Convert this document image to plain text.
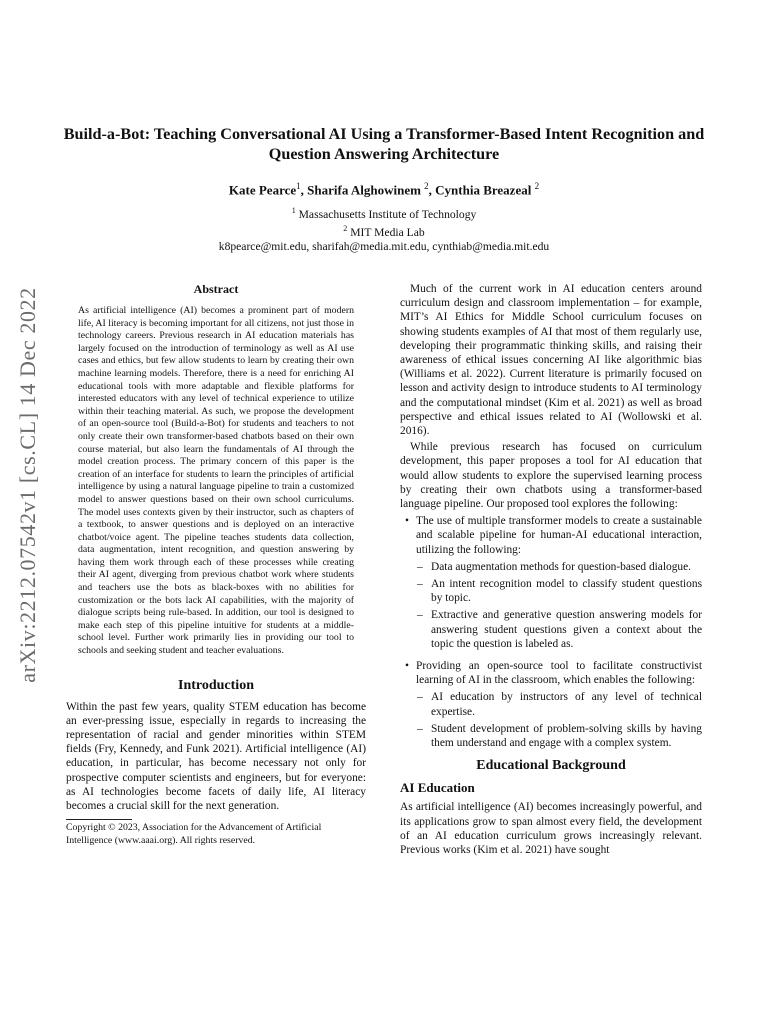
arXiv:2212.07542v1 [cs.CL] 14 Dec 2022
Build-a-Bot: Teaching Conversational AI Using a Transformer-Based Intent Recognition and Question Answering Architecture
Kate Pearce$^1$, Sharifa Alghowinem $^2$, Cynthia Breazeal $^2$
$^1$ Massachusetts Institute of Technology
$^2$ MIT Media Lab
k8pearce@mit.edu, sharifah@media.mit.edu, cynthiab@media.mit.edu
Abstract

As artificial intelligence (AI) becomes a prominent part of modern life, AI literacy is becoming important for all citizens, not just those in technology careers. Previous research in AI education materials has largely focused on the introduction of terminology as well as AI use cases and ethics, but few allow students to learn by creating their own machine learning models. Therefore, there is a need for enriching AI educational tools with more adaptable and flexible platforms for interested educators with any level of technical experience to utilize within their teaching material. As such, we propose the development of an open-source tool (Build-a-Bot) for students and teachers to not only create their own transformer-based chatbots based on their own course material, but also learn the fundamentals of AI through the model creation process. The primary concern of this paper is the creation of an interface for students to learn the principles of artificial intelligence by using a natural language pipeline to train a customized model to answer questions based on their own school curriculums. The model uses contexts given by their instructor, such as chapters of a textbook, to answer questions and is deployed on an interactive chatbot/voice agent. The pipeline teaches students data collection, data augmentation, intent recognition, and question answering by having them work through each of these processes while creating their AI agent, diverging from previous chatbot work where students and teachers use the bots as black-boxes with no abilities for customization or the bots lack AI capabilities, with the majority of dialogue scripts being rule-based. In addition, our tool is designed to make each step of this pipeline intuitive for students at a middle-school level. Further work primarily lies in providing our tool to schools and seeking student and teacher evaluations.

Introduction

Within the past few years, quality STEM education has become an ever-pressing issue, especially in regards to increasing the representation of racial and gender minorities within STEM fields (Fry, Kennedy, and Funk 2021). Artificial intelligence (AI) education, in particular, has become necessary not only for prospective computer scientists and engineers, but for everyone: as AI technologies become facets of daily life, AI literacy becomes a crucial skill for the next generation.

Copyright © 2023, Association for the Advancement of Artificial Intelligence (www.aaai.org). All rights reserved.

Much of the current work in AI education centers around curriculum design and classroom implementation – for example, MIT’s AI Ethics for Middle School curriculum focuses on showing students examples of AI that most of them regularly use, developing their programmatic thinking skills, and raising their awareness of ethical issues concerning AI like algorithmic bias (Williams et al. 2022). Current literature is primarily focused on lesson and activity design to introduce students to AI terminology and the computational mindset (Kim et al. 2021) as well as broad perspective and ethical issues related to AI (Wollowski et al. 2016).

While previous research has focused on curriculum development, this paper proposes a tool for AI education that would allow students to explore the supervised learning process by creating their own chatbots using a transformer-based language pipeline. Our proposed tool explores the following:

• The use of multiple transformer models to create a sustainable and scalable pipeline for human-AI educational interaction, utilizing the following:
– Data augmentation methods for question-based dialogue.
– An intent recognition model to classify student questions by topic.
– Extractive and generative question answering models for answering student questions given a context about the topic the question is labeled as.
• Providing an open-source tool to facilitate constructivist learning of AI in the classroom, which enables the following:
– AI education by instructors of any level of technical expertise.
– Student development of problem-solving skills by having them understand and engage with a complex system.
Educational Background
AI Education

As artificial intelligence (AI) becomes increasingly powerful, and its applications grow to span almost every field, the development of an AI education curriculum grows increasingly relevant. Previous works (Kim et al. 2021) have sought
